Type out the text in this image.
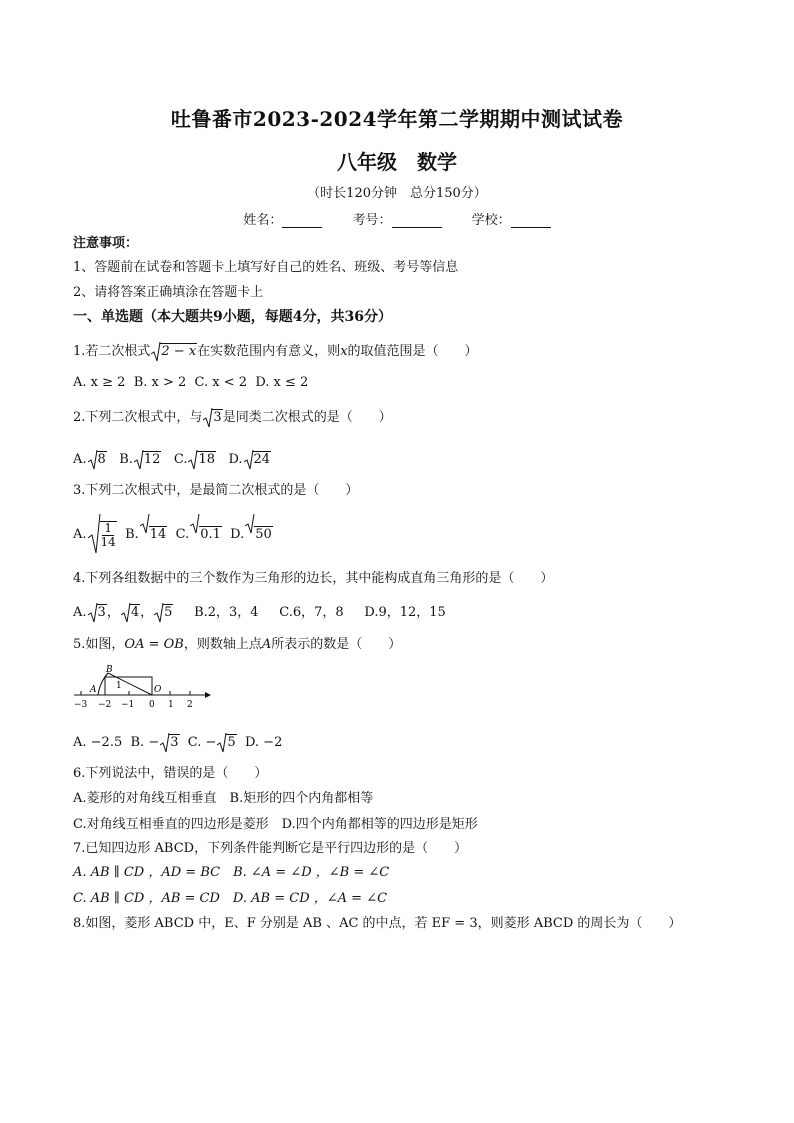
吐鲁番市2023-2024学年第二学期期中测试试卷
八年级　数学
（时长120分钟　总分150分）
姓名：	考号：	学校：
注意事项：
1、答题前在试卷和答题卡上填写好自己的姓名、班级、考号等信息
2、请将答案正确填涂在答题卡上
一、单选题（本大题共9小题，每题4分，共36分）
1.若二次根式 2 − x在实数范围内有意义，则x的取值范围是（　　）
A. x ≥ 2 B. x > 2 C. x < 2 D. x ≤ 2
2.下列二次根式中，与 3是同类二次根式的是（　　）
A. 8 B. 12 C. 18 D. 24
3.下列二次根式中，是最简二次根式的是（　　）
A. $\frac{1}{14} B$. 14 C. 0.1 D. 50
4.下列各组数据中的三个数作为三角形的边长，其中能构成直角三角形的是（　　）
A. 3， 4， 5 B.2，3，4 C.6，7，8 D.9，12，15
5.如图，OA = OB，则数轴上点A所表示的数是（　　）
B
A	O
1
−3 −2 −1 0 1 2
A. −2.5 B. − 3 C. − 5 D. −2
6.下列说法中，错误的是（　　）
A.菱形的对角线互相垂直　B.矩形的四个内角都相等
C.对角线互相垂直的四边形是菱形　D.四个内角都相等的四边形是矩形
7.已知四边形 ABCD，下列条件能判断它是平行四边形的是（　　）
A. AB ∥ CD ，AD = BC　B. ∠A = ∠D ，∠B = ∠C
C. AB ∥ CD ，AB = CD　D. AB = CD ，∠A = ∠C
8.如图，菱形 ABCD 中，E、F 分别是 AB 、AC 的中点，若 EF = 3，则菱形 ABCD 的周长为（　　）
